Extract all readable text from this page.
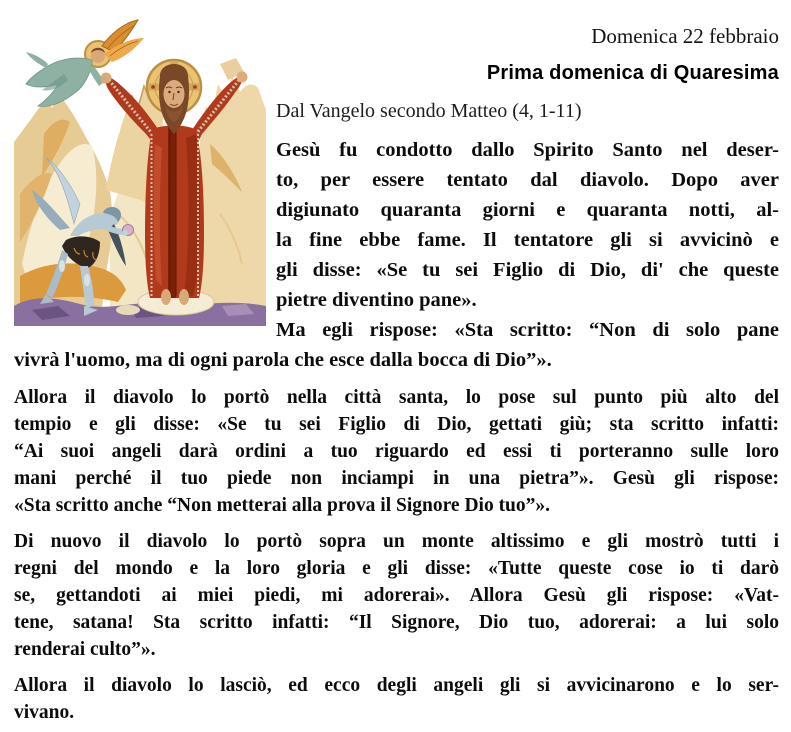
Domenica 22 febbraio
Prima domenica di Quaresima
Dal Vangelo secondo Matteo (4, 1-11)
Gesù fu condotto dallo Spirito Santo nel deser-
to, per essere tentato dal diavolo. Dopo aver
digiunato quaranta giorni e quaranta notti, al-
la fine ebbe fame. Il tentatore gli si avvicinò e
gli disse: «Se tu sei Figlio di Dio, di' che queste
pietre diventino pane».
Ma egli rispose: «Sta scritto: “Non di solo pane
vivrà l'uomo, ma di ogni parola che esce dalla bocca di Dio”».
Allora il diavolo lo portò nella città santa, lo pose sul punto più alto del
tempio e gli disse: «Se tu sei Figlio di Dio, gettati giù; sta scritto infatti:
“Ai suoi angeli darà ordini a tuo riguardo ed essi ti porteranno sulle loro
mani perché il tuo piede non inciampi in una pietra”». Gesù gli rispose:
«Sta scritto anche “Non metterai alla prova il Signore Dio tuo”».
Di nuovo il diavolo lo portò sopra un monte altissimo e gli mostrò tutti i
regni del mondo e la loro gloria e gli disse: «Tutte queste cose io ti darò
se, gettandoti ai miei piedi, mi adorerai». Allora Gesù gli rispose: «Vat-
tene, satana! Sta scritto infatti: “Il Signore, Dio tuo, adorerai: a lui solo
renderai culto”».
Allora il diavolo lo lasciò, ed ecco degli angeli gli si avvicinarono e lo ser-
vivano.
